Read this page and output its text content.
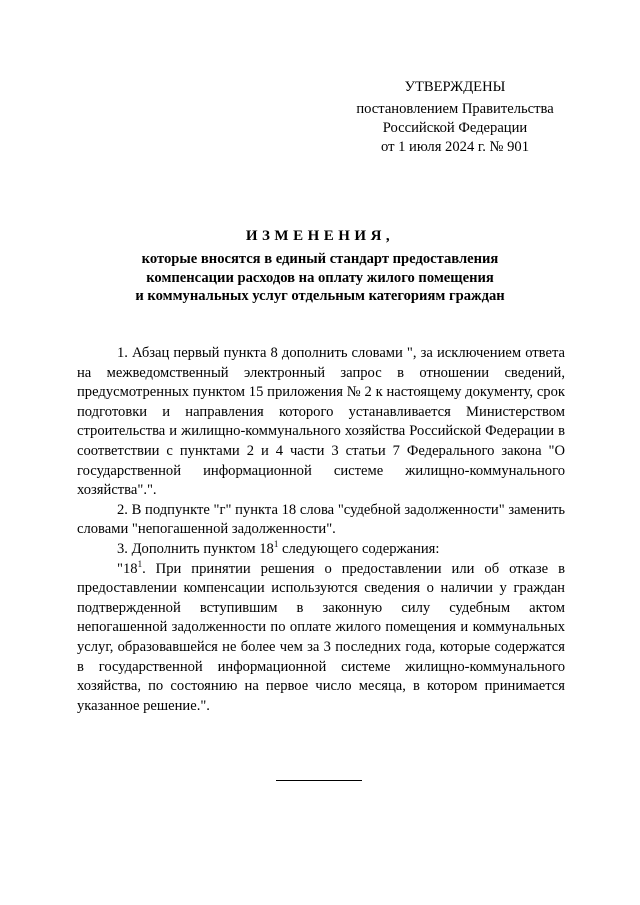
УТВЕРЖДЕНЫ
постановлением Правительства
Российской Федерации
от 1 июля 2024 г. № 901
ИЗМЕНЕНИЯ,
которые вносятся в единый стандарт предоставления
компенсации расходов на оплату жилого помещения
и коммунальных услуг отдельным категориям граждан

1. Абзац первый пункта 8 дополнить словами ", за исключением ответа на межведомственный электронный запрос в отношении сведений, предусмотренных пунктом 15 приложения № 2 к настоящему документу, срок подготовки и направления которого устанавливается Министерством строительства и жилищно-коммунального хозяйства Российской Федерации в соответствии с пунктами 2 и 4 части 3 статьи 7 Федерального закона "О государственной информационной системе жилищно-коммунального хозяйства".".

2. В подпункте "г" пункта 18 слова "судебной задолженности" заменить словами "непогашенной задолженности".

3. Дополнить пунктом $18^1$ следующего содержания:

"$18^1$. При принятии решения о предоставлении или об отказе в предоставлении компенсации используются сведения о наличии у граждан подтвержденной вступившим в законную силу судебным актом непогашенной задолженности по оплате жилого помещения и коммунальных услуг, образовавшейся не более чем за 3 последних года, которые содержатся в государственной информационной системе жилищно-коммунального хозяйства, по состоянию на первое число месяца, в котором принимается указанное решение.".
